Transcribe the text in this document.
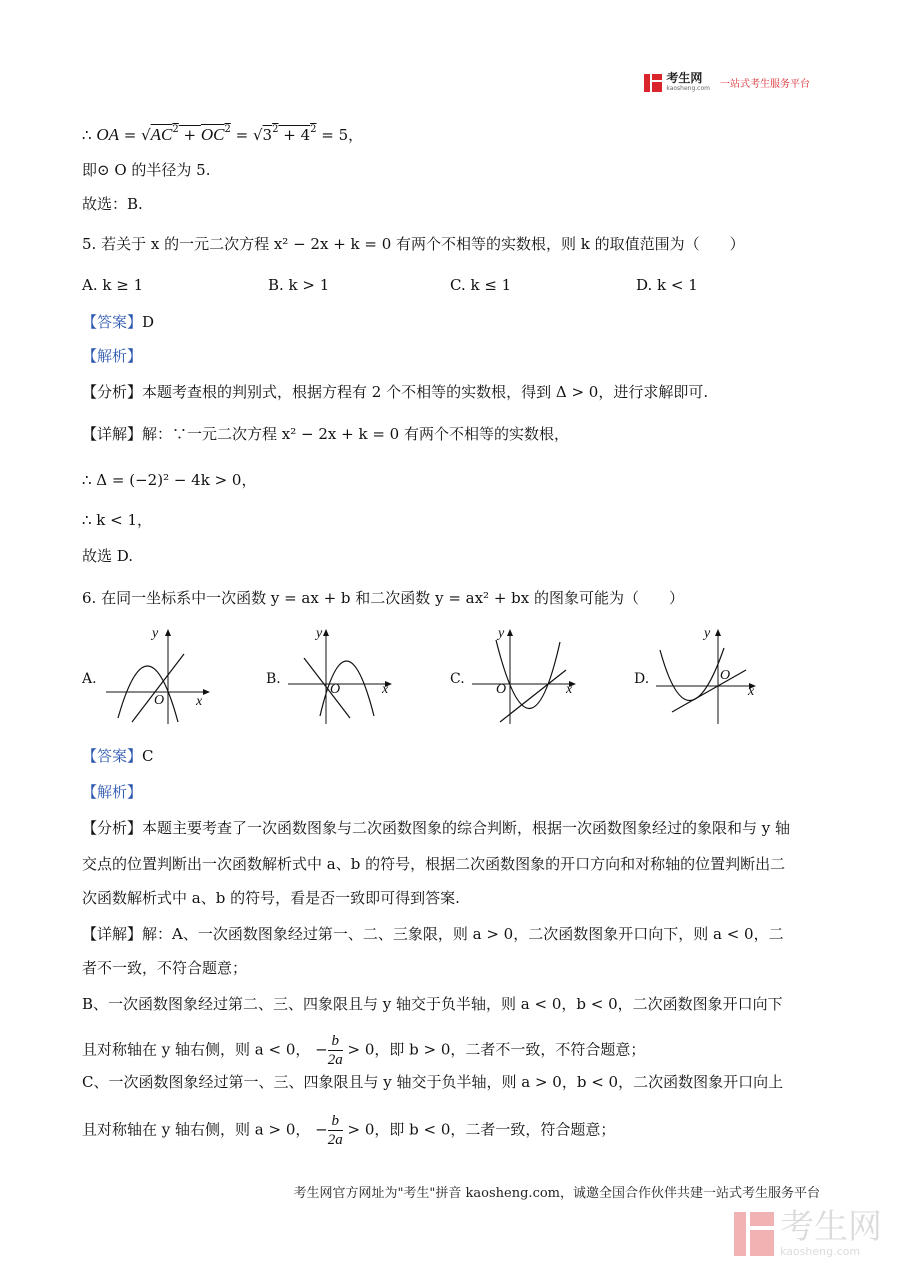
考生网
kaosheng.com 一站式考生服务平台
∴ OA = $√AC^2 + OC^2 = √3^2 + 4^2 = 5$，
即⊙ O 的半径为 5.
故选：B.
5. 若关于 x 的一元二次方程 x² − 2x + k = 0 有两个不相等的实数根，则 k 的取值范围为（　　）
A. k ≥ 1	B. k > 1	C. k ≤ 1	D. k < 1
【答案】D
【解析】
【分析】本题考查根的判别式，根据方程有 2 个不相等的实数根，得到 Δ > 0，进行求解即可.
【详解】解：∵一元二次方程 x² − 2x + k = 0 有两个不相等的实数根，
∴ Δ = (−2)² − 4k > 0，
∴ k < 1，
故选 D.
6. 在同一坐标系中一次函数 y = ax + b 和二次函数 y = ax² + bx 的图象可能为（　　）
A.
y
x
O
B.
y
x
O
C.
y
x
O
D.
y
x
O
【答案】C
【解析】
【分析】本题主要考查了一次函数图象与二次函数图象的综合判断，根据一次函数图象经过的象限和与 y 轴
交点的位置判断出一次函数解析式中 a、b 的符号，根据二次函数图象的开口方向和对称轴的位置判断出二
次函数解析式中 a、b 的符号，看是否一致即可得到答案.
【详解】解：A、一次函数图象经过第一、二、三象限，则 a > 0，二次函数图象开口向下，则 a < 0，二
者不一致，不符合题意；
B、一次函数图象经过第二、三、四象限且与 y 轴交于负半轴，则 a < 0，b < 0，二次函数图象开口向下
且对称轴在 y 轴右侧，则 a < 0， − $\frac{b}{2a} > 0$，即 b > 0，二者不一致，不符合题意；
C、一次函数图象经过第一、三、四象限且与 y 轴交于负半轴，则 a > 0，b < 0，二次函数图象开口向上
且对称轴在 y 轴右侧，则 a > 0， − $\frac{b}{2a} > 0$，即 b < 0，二者一致，符合题意；
考生网官方网址为"考生"拼音 kaosheng.com，诚邀全国合作伙伴共建一站式考生服务平台
考生网
kaosheng.com
